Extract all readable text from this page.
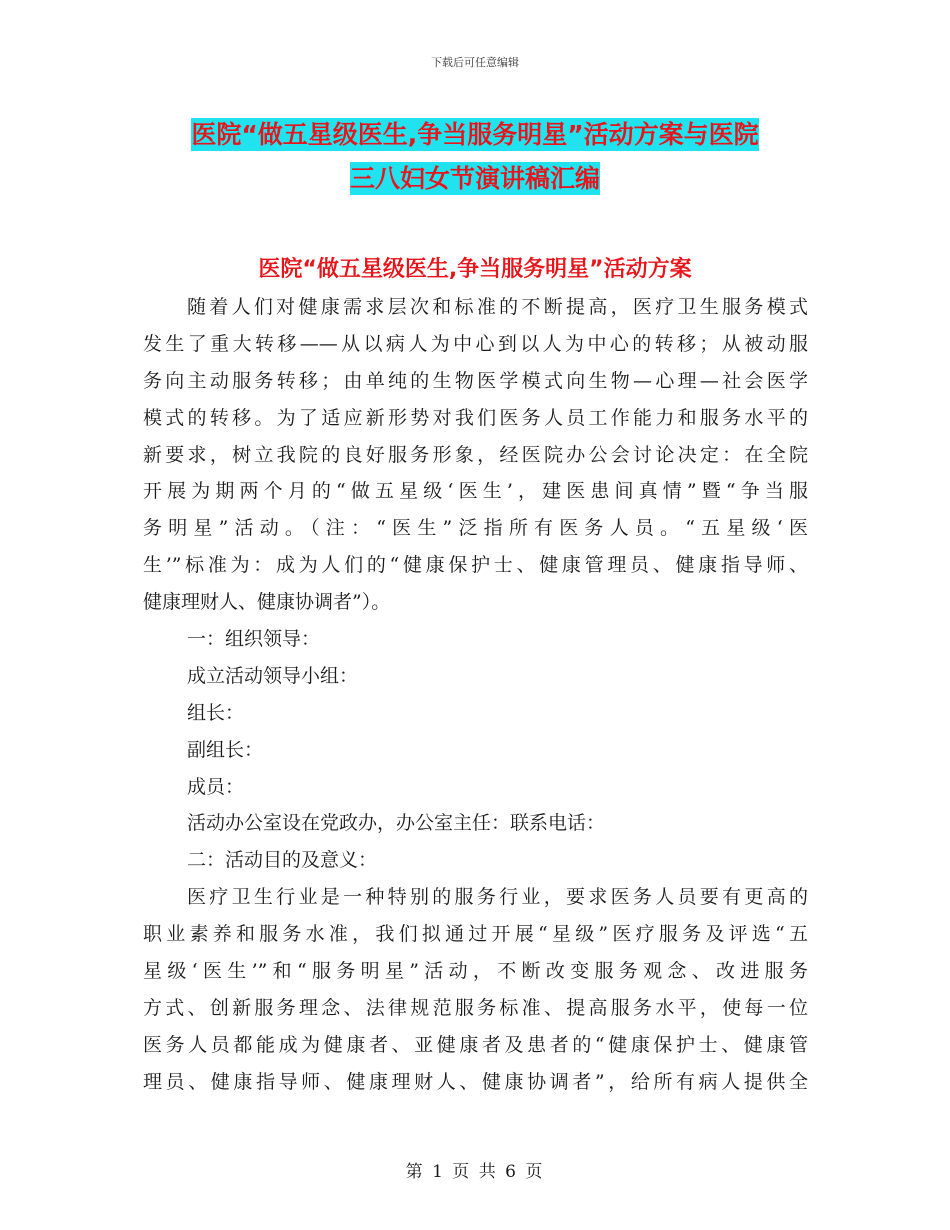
下载后可任意编辑
医院“做五星级医生,争当服务明星”活动方案与医院
三八妇女节演讲稿汇编
医院“做五星级医生,争当服务明星”活动方案
随着人们对健康需求层次和标准的不断提高，医疗卫生服务模式
发生了重大转移——从以病人为中心到以人为中心的转移；从被动服
务向主动服务转移；由单纯的生物医学模式向生物—心理—社会医学
模式的转移。为了适应新形势对我们医务人员工作能力和服务水平的
新要求，树立我院的良好服务形象，经医院办公会讨论决定：在全院
开展为期两个月的“做五星级‘医生’，建医患间真情”暨“争当服
务明星”活动。（注：“医生”泛指所有医务人员。“五星级‘医
生’”标准为：成为人们的“健康保护士、健康管理员、健康指导师、
健康理财人、健康协调者”）。
一：组织领导：
成立活动领导小组：
组长：
副组长：
成员：
活动办公室设在党政办，办公室主任：联系电话：
二：活动目的及意义：
医疗卫生行业是一种特别的服务行业，要求医务人员要有更高的
职业素养和服务水准，我们拟通过开展“星级”医疗服务及评选“五
星级‘医生’”和“服务明星”活动，不断改变服务观念、改进服务
方式、创新服务理念、法律规范服务标准、提高服务水平，使每一位
医务人员都能成为健康者、亚健康者及患者的“健康保护士、健康管
理员、健康指导师、健康理财人、健康协调者”，给所有病人提供全
第 1 页 共 6 页
